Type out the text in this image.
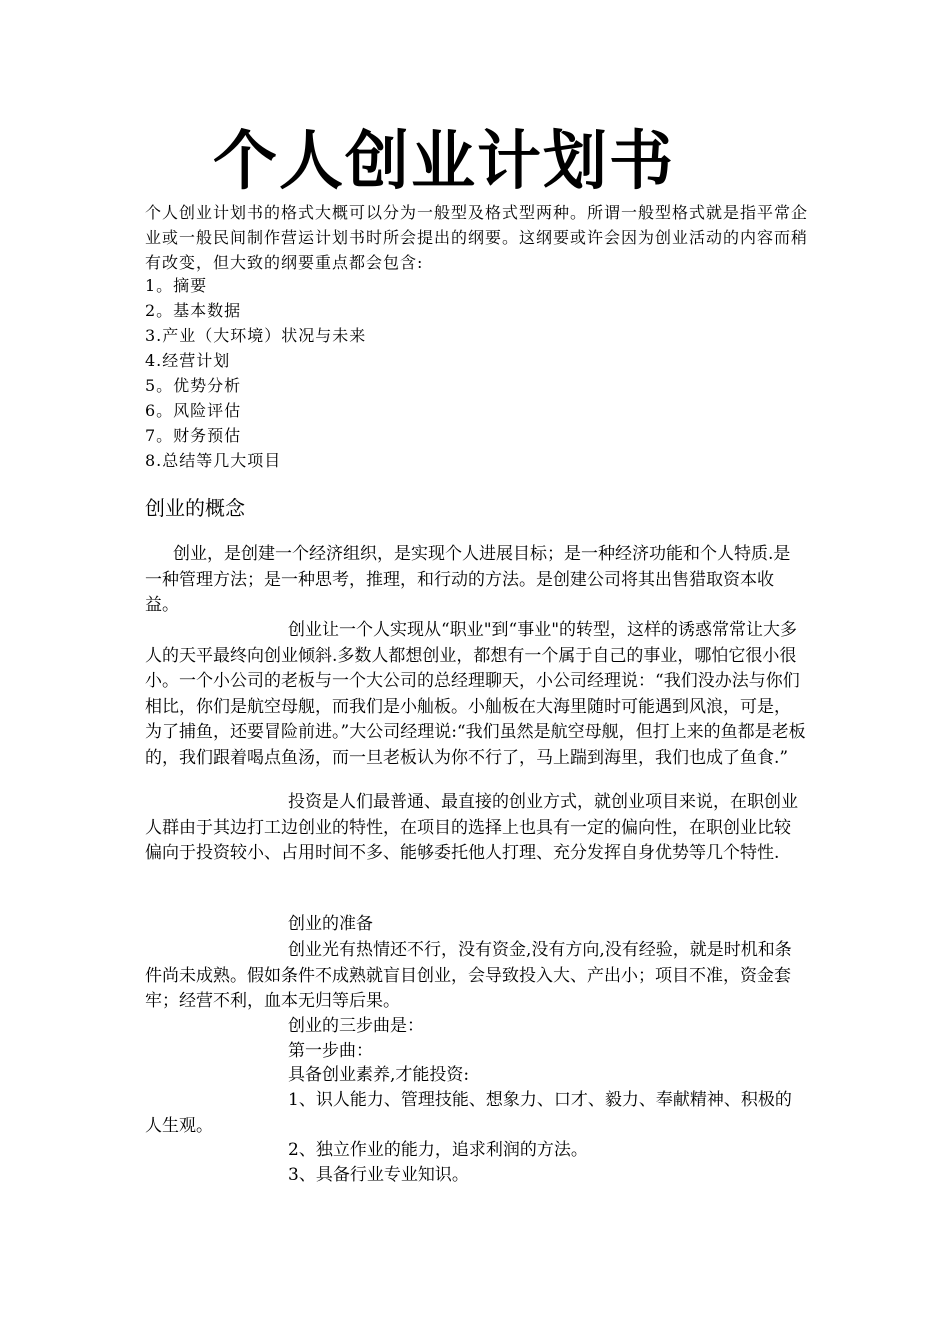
个人创业计划书

个人创业计划书的格式大概可以分为一般型及格式型两种。所谓一般型格式就是指平常企业或一般民间制作营运计划书时所会提出的纲要。这纲要或许会因为创业活动的内容而稍有改变，但大致的纲要重点都会包含:

1。摘要
2。基本数据
3.产业（大环境）状况与未来
4.经营计划
5。优势分析
6。风险评估
7。财务预估
8.总结等几大项目
创业的概念

创业，是创建一个经济组织，是实现个人进展目标；是一种经济功能和个人特质.是一种管理方法；是一种思考，推理，和行动的方法。是创建公司将其出售猎取资本收益。

创业让一个人实现从“职业"到“事业"的转型，这样的诱惑常常让大多人的天平最终向创业倾斜.多数人都想创业，都想有一个属于自己的事业，哪怕它很小很小。一个小公司的老板与一个大公司的总经理聊天，小公司经理说：“我们没办法与你们相比，你们是航空母舰，而我们是小舢板。小舢板在大海里随时可能遇到风浪，可是，为了捕鱼，还要冒险前进。”大公司经理说:“我们虽然是航空母舰，但打上来的鱼都是老板的，我们跟着喝点鱼汤，而一旦老板认为你不行了，马上踹到海里，我们也成了鱼食.”

投资是人们最普通、最直接的创业方式，就创业项目来说，在职创业人群由于其边打工边创业的特性，在项目的选择上也具有一定的偏向性，在职创业比较偏向于投资较小、占用时间不多、能够委托他人打理、充分发挥自身优势等几个特性.

创业的准备

创业光有热情还不行，没有资金,没有方向,没有经验，就是时机和条件尚未成熟。假如条件不成熟就盲目创业，会导致投入大、产出小；项目不准，资金套牢；经营不利，血本无归等后果。

创业的三步曲是：
第一步曲：
具备创业素养,才能投资:

1、识人能力、管理技能、想象力、口才、毅力、奉献精神、积极的人生观。

2、独立作业的能力，追求利润的方法。
3、具备行业专业知识。
